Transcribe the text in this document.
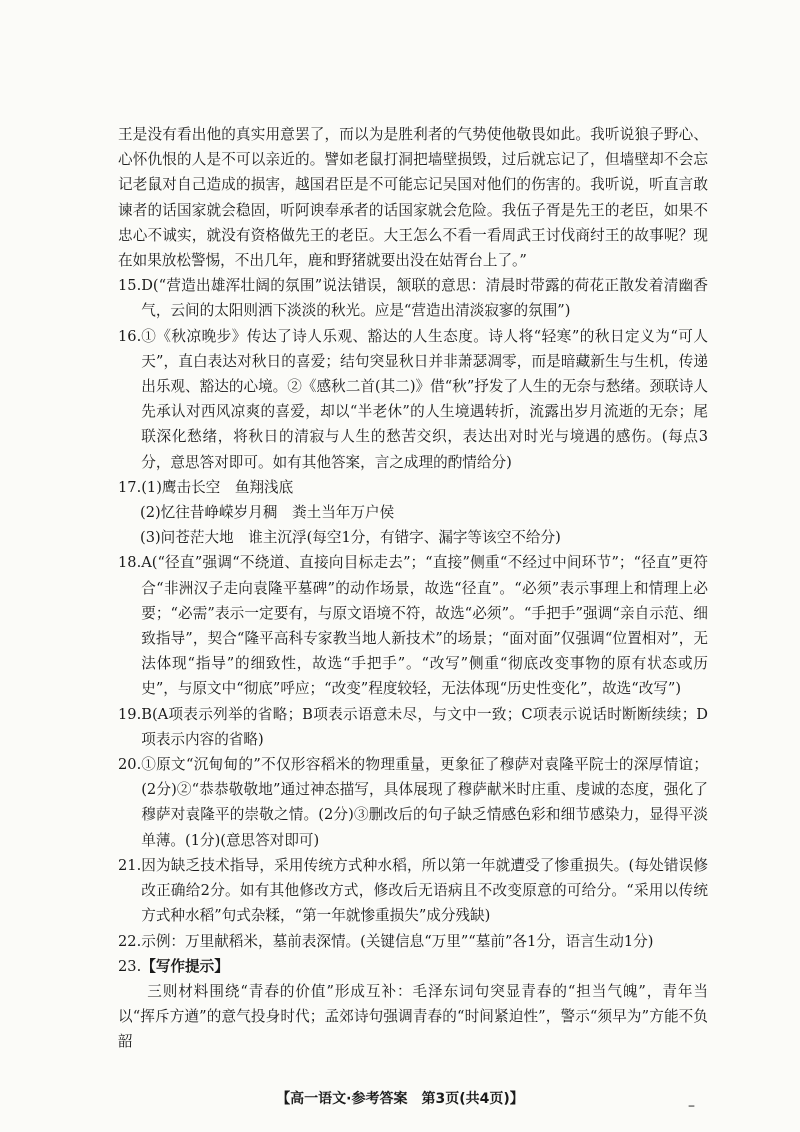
王是没有看出他的真实用意罢了，而以为是胜利者的气势使他敬畏如此。我听说狼子野心、心怀仇恨的人是不可以亲近的。譬如老鼠打洞把墙壁损毁，过后就忘记了，但墙壁却不会忘记老鼠对自己造成的损害，越国君臣是不可能忘记吴国对他们的伤害的。我听说，听直言敢谏者的话国家就会稳固，听阿谀奉承者的话国家就会危险。我伍子胥是先王的老臣，如果不忠心不诚实，就没有资格做先王的老臣。大王怎么不看一看周武王讨伐商纣王的故事呢？现在如果放松警惕，不出几年，鹿和野猪就要出没在姑胥台上了。”

15. D(“营造出雄浑壮阔的氛围”说法错误，颔联的意思：清晨时带露的荷花正散发着清幽香气，云间的太阳则洒下淡淡的秋光。应是“营造出清淡寂寥的氛围”)
16. ①《秋凉晚步》传达了诗人乐观、豁达的人生态度。诗人将“轻寒”的秋日定义为“可人天”，直白表达对秋日的喜爱；结句突显秋日并非萧瑟凋零，而是暗藏新生与生机，传递出乐观、豁达的心境。②《感秋二首(其二)》借“秋”抒发了人生的无奈与愁绪。颈联诗人先承认对西风凉爽的喜爱，却以“半老休”的人生境遇转折，流露出岁月流逝的无奈；尾联深化愁绪，将秋日的清寂与人生的愁苦交织，表达出对时光与境遇的感伤。(每点3分，意思答对即可。如有其他答案，言之成理的酌情给分)
17. (1)鹰击长空　鱼翔浅底

(2)忆往昔峥嵘岁月稠　粪土当年万户侯

(3)问苍茫大地　谁主沉浮(每空1分，有错字、漏字等该空不给分)

18. A(“径直”强调“不绕道、直接向目标走去”；“直接”侧重“不经过中间环节”；“径直”更符合“非洲汉子走向袁隆平墓碑”的动作场景，故选“径直”。“必须”表示事理上和情理上必要；“必需”表示一定要有，与原文语境不符，故选“必须”。“手把手”强调“亲自示范、细致指导”，契合“隆平高科专家教当地人新技术”的场景；“面对面”仅强调“位置相对”，无法体现“指导”的细致性，故选“手把手”。“改写”侧重“彻底改变事物的原有状态或历史”，与原文中“彻底”呼应；“改变”程度较轻，无法体现“历史性变化”，故选“改写”)
19. B(A项表示列举的省略；B项表示语意未尽，与文中一致；C项表示说话时断断续续；D项表示内容的省略)
20. ①原文“沉甸甸的”不仅形容稻米的物理重量，更象征了穆萨对袁隆平院士的深厚情谊；(2分)②“恭恭敬敬地”通过神态描写，具体展现了穆萨献米时庄重、虔诚的态度，强化了穆萨对袁隆平的崇敬之情。(2分)③删改后的句子缺乏情感色彩和细节感染力，显得平淡单薄。(1分)(意思答对即可)
21. 因为缺乏技术指导，采用传统方式种水稻，所以第一年就遭受了惨重损失。(每处错误修改正确给2分。如有其他修改方式，修改后无语病且不改变原意的可给分。“采用以传统方式种水稻”句式杂糅，“第一年就惨重损失”成分残缺)
22. 示例：万里献稻米，墓前表深情。(关键信息“万里”“墓前”各1分，语言生动1分)
23. 【写作提示】

三则材料围绕“青春的价值”形成互补：毛泽东词句突显青春的“担当气魄”，青年当以“挥斥方遒”的意气投身时代；孟郊诗句强调青春的“时间紧迫性”，警示“须早为”方能不负韶

【高一语文·参考答案　第3页(共4页)】	–
